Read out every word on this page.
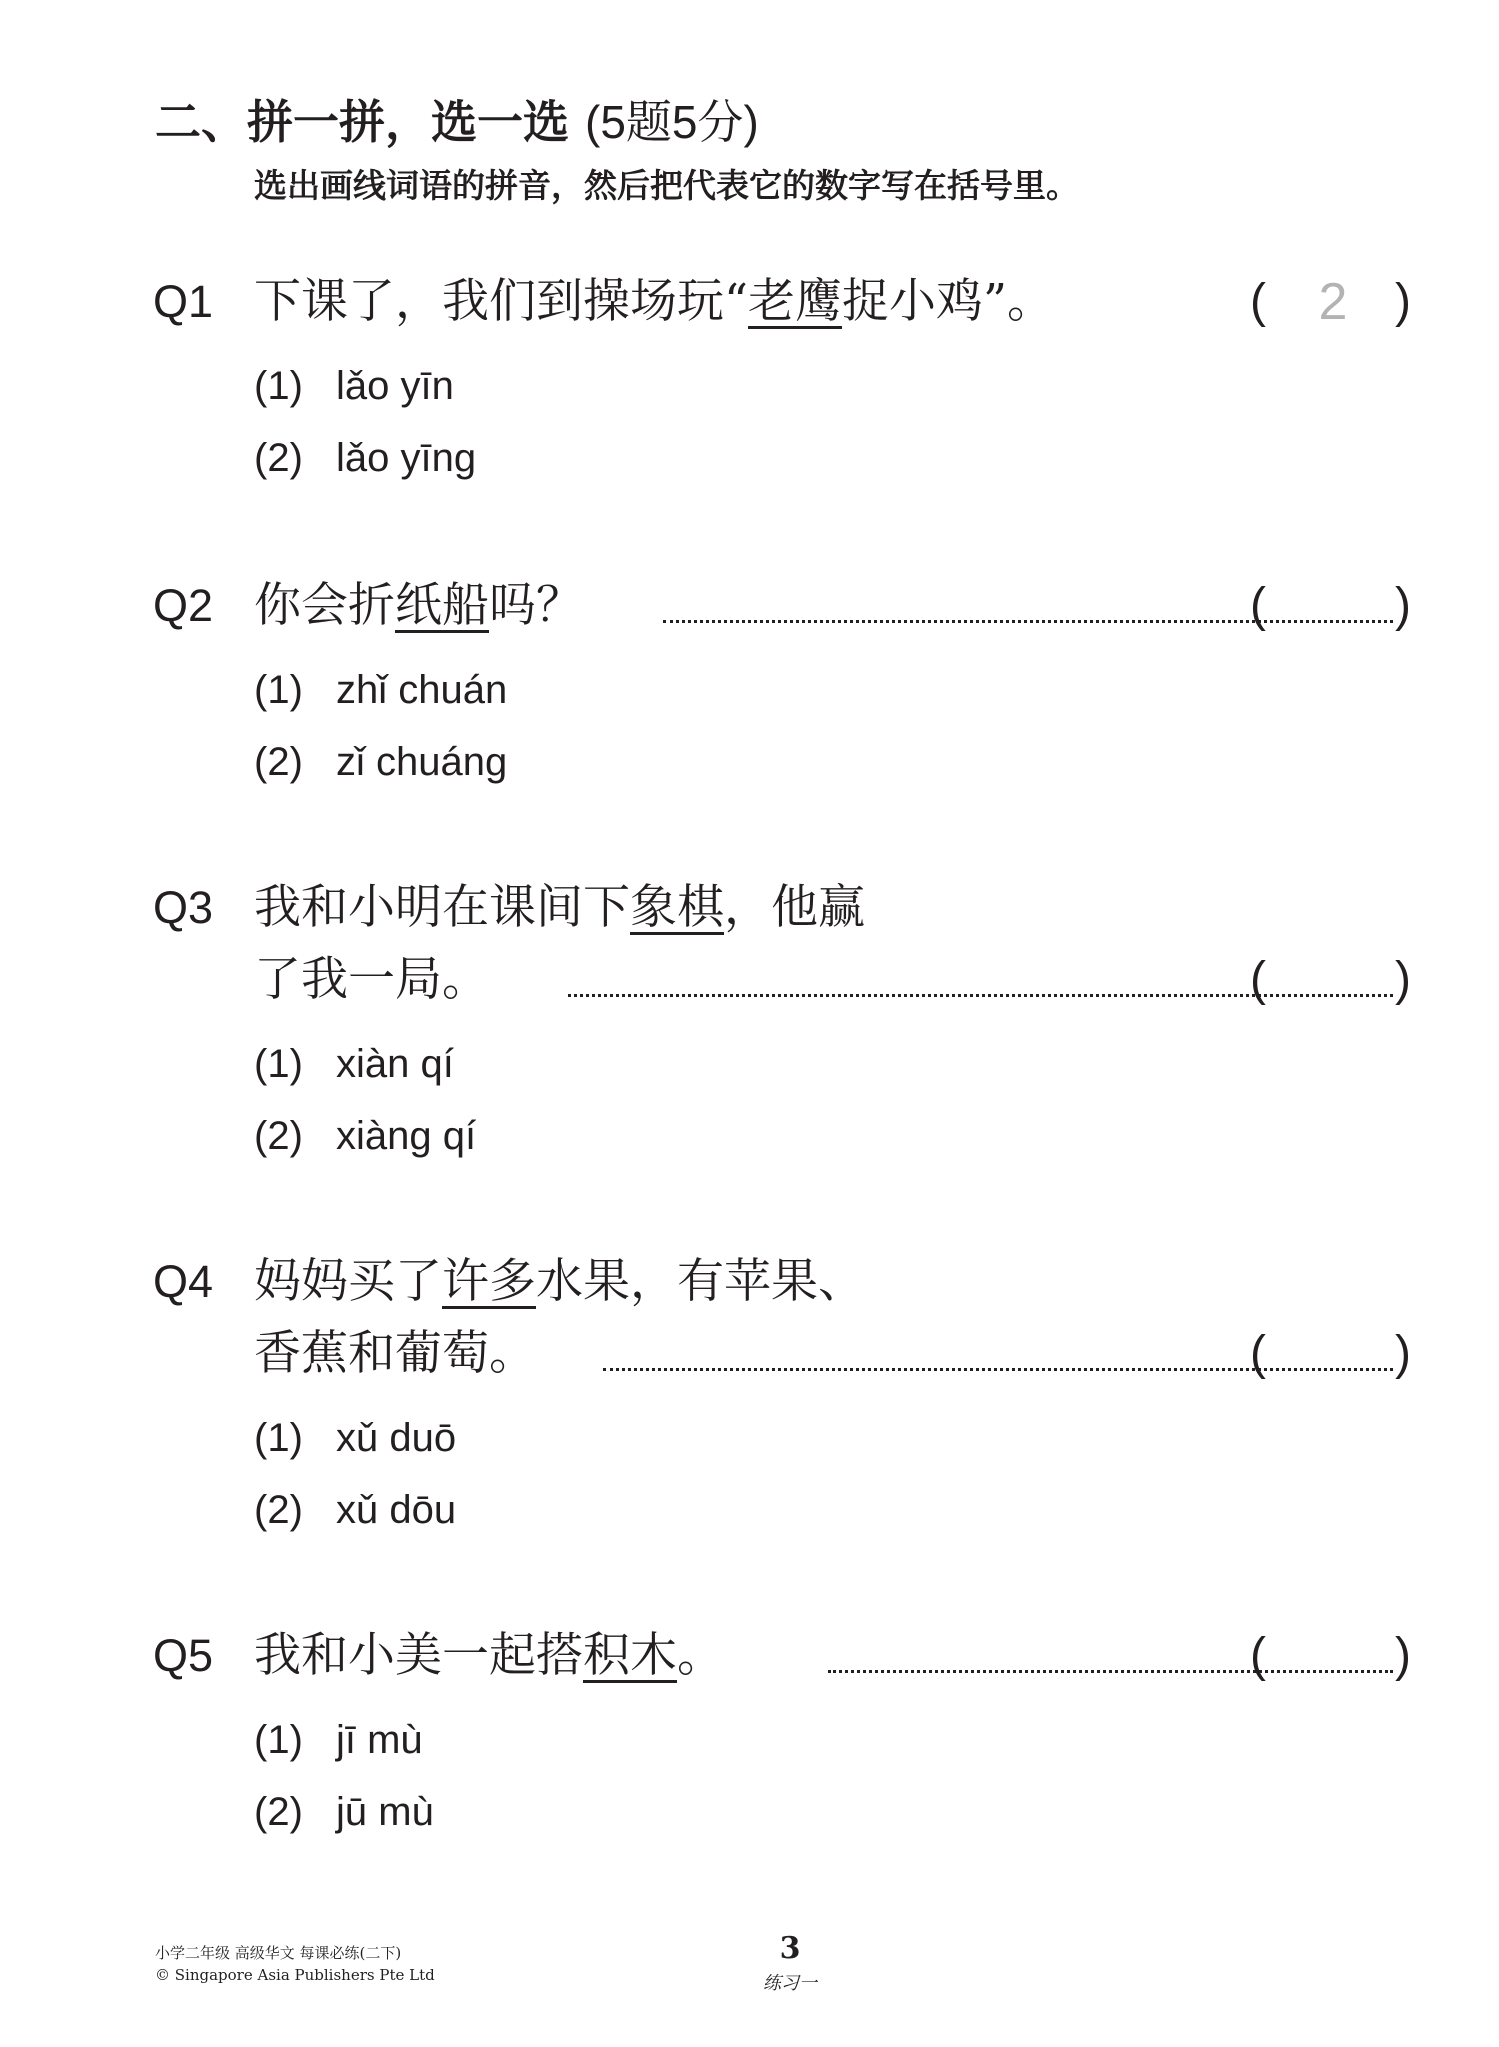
二、拼一拼，选一选 (5题5分)
选出画线词语的拼音，然后把代表它的数字写在括号里。
Q1 下课了，我们到操场玩“老鹰捉小鸡”。	(	2 )
(1) lǎo yīn
(2) lǎo yīng
Q2 你会折纸船吗？	(	)
(1) zhǐ chuán
(2) zǐ chuáng
Q3 我和小明在课间下象棋，他赢
了我一局。	(	)
(1) xiàn qí
(2) xiàng qí
Q4 妈妈买了许多水果，有苹果、
香蕉和葡萄。	(	)
(1) xǔ duō
(2) xǔ dōu
Q5 我和小美一起搭积木。	(	)
(1) jī mù
(2) jū mù
小学二年级 高级华文 每课必练(二下)
© Singapore Asia Publishers Pte Ltd
3
练习一
